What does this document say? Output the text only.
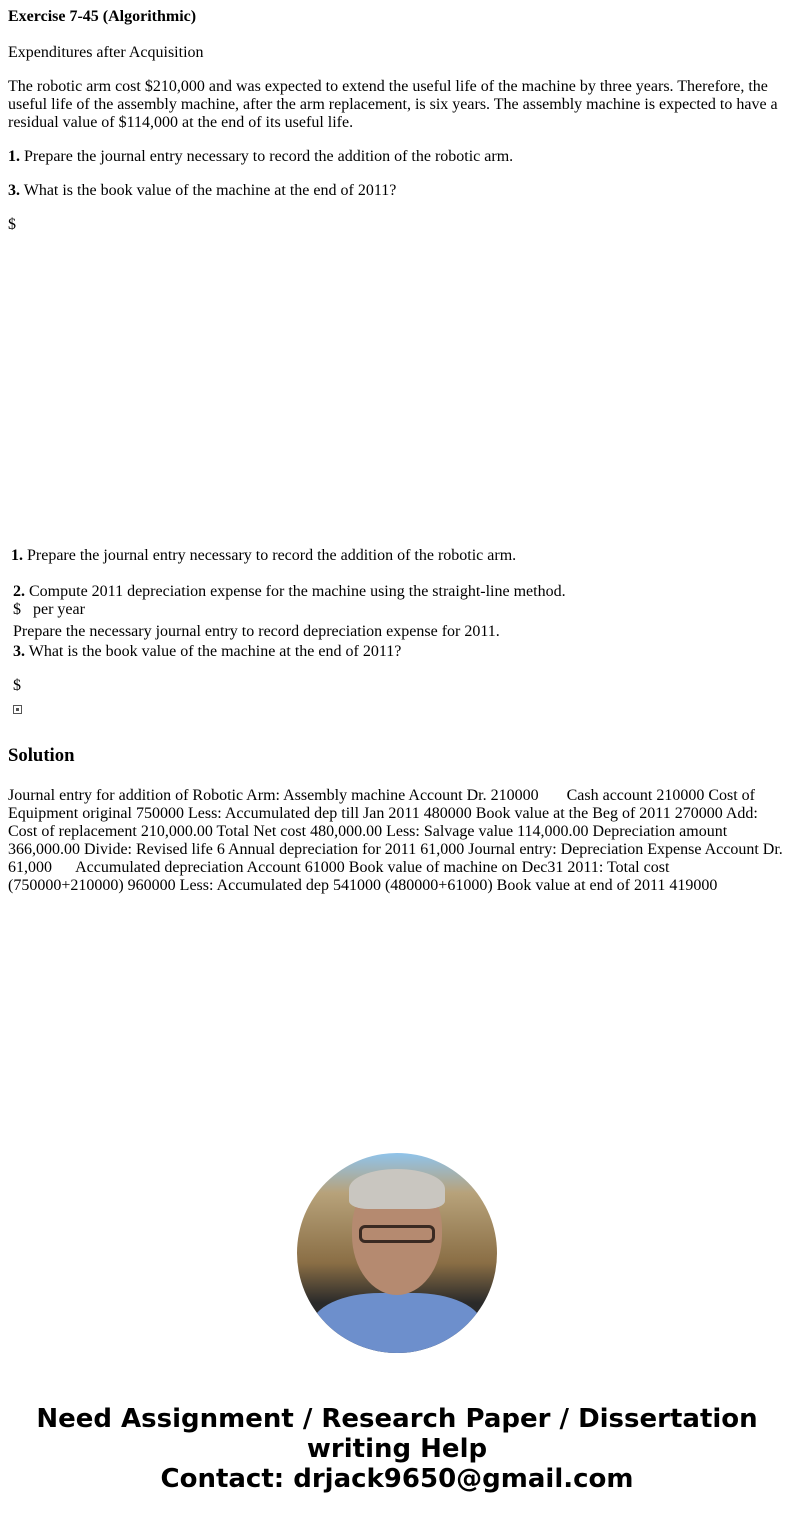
Exercise 7-45 (Algorithmic)
Expenditures after Acquisition
The robotic arm cost $210,000 and was expected to extend the useful life of the machine by three years. Therefore, the useful life of the assembly machine, after the arm replacement, is six years. The assembly machine is expected to have a residual value of $114,000 at the end of its useful life.
1. Prepare the journal entry necessary to record the addition of the robotic arm.
3. What is the book value of the machine at the end of 2011?
$
1. Prepare the journal entry necessary to record the addition of the robotic arm.
2. Compute 2011 depreciation expense for the machine using the straight-line method.
$ per year
Prepare the necessary journal entry to record depreciation expense for 2011.
3. What is the book value of the machine at the end of 2011?
$
Solution
Journal entry for addition of Robotic Arm: Assembly machine Account Dr. 210000       Cash account 210000 Cost of Equipment original 750000 Less: Accumulated dep till Jan 2011 480000 Book value at the Beg of 2011 270000 Add: Cost of replacement 210,000.00 Total Net cost 480,000.00 Less: Salvage value 114,000.00 Depreciation amount 366,000.00 Divide: Revised life 6 Annual depreciation for 2011 61,000 Journal entry: Depreciation Expense Account Dr. 61,000      Accumulated depreciation Account 61000 Book value of machine on Dec31 2011: Total cost (750000+210000) 960000 Less: Accumulated dep 541000 (480000+61000) Book value at end of 2011 419000
Need Assignment / Research Paper / Dissertation
writing Help
Contact: drjack9650@gmail.com
